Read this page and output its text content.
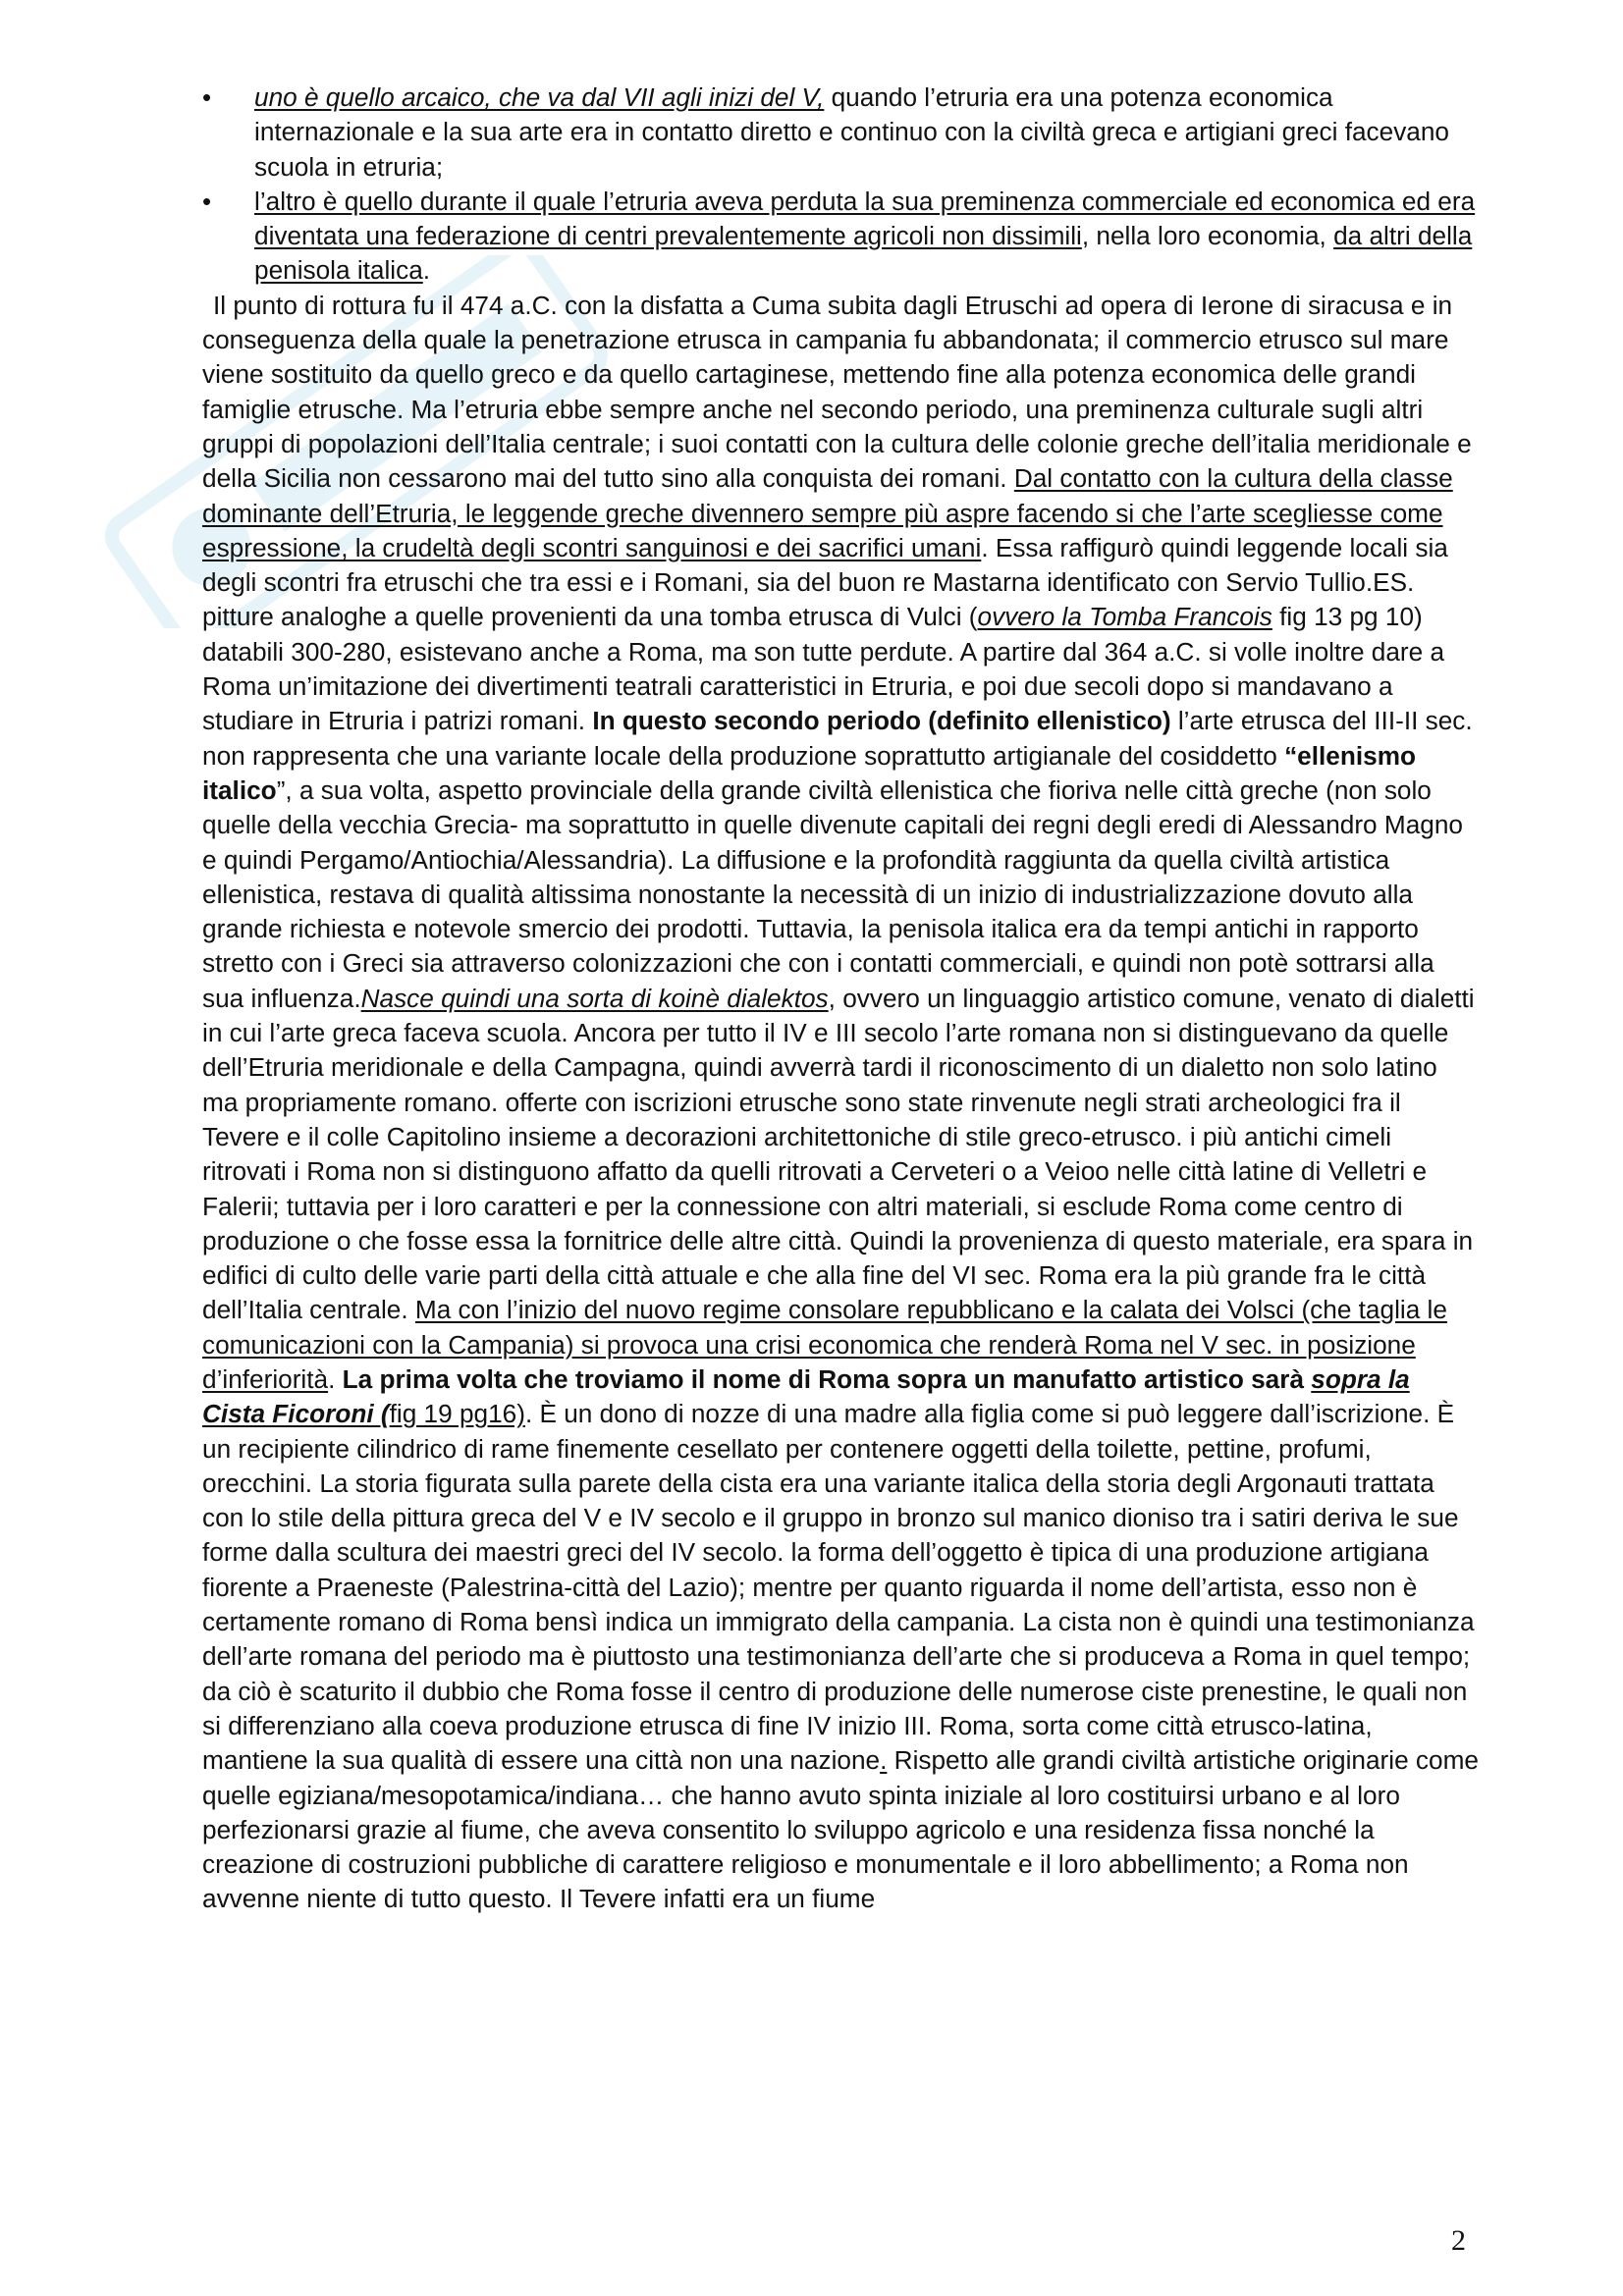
• uno è quello arcaico, che va dal VII agli inizi del V, quando l’etruria era una potenza economica internazionale e la sua arte era in contatto diretto e continuo con la civiltà greca e artigiani greci facevano scuola in etruria;
• l’altro è quello durante il quale l’etruria aveva perduta la sua preminenza commerciale ed economica ed era diventata una federazione di centri prevalentemente agricoli non dissimili, nella loro economia, da altri della penisola italica.

Il punto di rottura fu il 474 a.C. con la disfatta a Cuma subita dagli Etruschi ad opera di Ierone di siracusa e in conseguenza della quale la penetrazione etrusca in campania fu abbandonata; il commercio etrusco sul mare viene sostituito da quello greco e da quello cartaginese, mettendo fine alla potenza economica delle grandi famiglie etrusche. Ma l’etruria ebbe sempre anche nel secondo periodo, una preminenza culturale sugli altri gruppi di popolazioni dell’Italia centrale; i suoi contatti con la cultura delle colonie greche dell’italia meridionale e della Sicilia non cessarono mai del tutto sino alla conquista dei romani. Dal contatto con la cultura della classe dominante dell’Etruria, le leggende greche divennero sempre più aspre facendo si che l’arte scegliesse come espressione, la crudeltà degli scontri sanguinosi e dei sacrifici umani. Essa raffigurò quindi leggende locali sia degli scontri fra etruschi che tra essi e i Romani, sia del buon re Mastarna identificato con Servio Tullio.ES. pitture analoghe a quelle provenienti da una tomba etrusca di Vulci (ovvero la Tomba Francois fig 13 pg 10) databili 300-280, esistevano anche a Roma, ma son tutte perdute. A partire dal 364 a.C. si volle inoltre dare a Roma un’imitazione dei divertimenti teatrali caratteristici in Etruria, e poi due secoli dopo si mandavano a studiare in Etruria i patrizi romani. In questo secondo periodo (definito ellenistico) l’arte etrusca del III-II sec. non rappresenta che una variante locale della produzione soprattutto artigianale del cosiddetto “ellenismo italico”, a sua volta, aspetto provinciale della grande civiltà ellenistica che fioriva nelle città greche (non solo quelle della vecchia Grecia- ma soprattutto in quelle divenute capitali dei regni degli eredi di Alessandro Magno e quindi Pergamo/Antiochia/Alessandria). La diffusione e la profondità raggiunta da quella civiltà artistica ellenistica, restava di qualità altissima nonostante la necessità di un inizio di industrializzazione dovuto alla grande richiesta e notevole smercio dei prodotti. Tuttavia, la penisola italica era da tempi antichi in rapporto stretto con i Greci sia attraverso colonizzazioni che con i contatti commerciali, e quindi non potè sottrarsi alla sua influenza.Nasce quindi una sorta di koinè dialektos, ovvero un linguaggio artistico comune, venato di dialetti in cui l’arte greca faceva scuola. Ancora per tutto il IV e III secolo l’arte romana non si distinguevano da quelle dell’Etruria meridionale e della Campagna, quindi avverrà tardi il riconoscimento di un dialetto non solo latino ma propriamente romano. offerte con iscrizioni etrusche sono state rinvenute negli strati archeologici fra il Tevere e il colle Capitolino insieme a decorazioni architettoniche di stile greco-etrusco. i più antichi cimeli ritrovati i Roma non si distinguono affatto da quelli ritrovati a Cerveteri o a Veioo nelle città latine di Velletri e Falerii; tuttavia per i loro caratteri e per la connessione con altri materiali, si esclude Roma come centro di produzione o che fosse essa la fornitrice delle altre città. Quindi la provenienza di questo materiale, era spara in edifici di culto delle varie parti della città attuale e che alla fine del VI sec. Roma era la più grande fra le città dell’Italia centrale. Ma con l’inizio del nuovo regime consolare repubblicano e la calata dei Volsci (che taglia le comunicazioni con la Campania) si provoca una crisi economica che renderà Roma nel V sec. in posizione d’inferiorità. La prima volta che troviamo il nome di Roma sopra un manufatto artistico sarà sopra la Cista Ficoroni (fig 19 pg16). È un dono di nozze di una madre alla figlia come si può leggere dall’iscrizione. È un recipiente cilindrico di rame finemente cesellato per contenere oggetti della toilette, pettine, profumi, orecchini. La storia figurata sulla parete della cista era una variante italica della storia degli Argonauti trattata con lo stile della pittura greca del V e IV secolo e il gruppo in bronzo sul manico dioniso tra i satiri deriva le sue forme dalla scultura dei maestri greci del IV secolo. la forma dell’oggetto è tipica di una produzione artigiana fiorente a Praeneste (Palestrina-città del Lazio); mentre per quanto riguarda il nome dell’artista, esso non è certamente romano di Roma bensì indica un immigrato della campania. La cista non è quindi una testimonianza dell’arte romana del periodo ma è piuttosto una testimonianza dell’arte che si produceva a Roma in quel tempo; da ciò è scaturito il dubbio che Roma fosse il centro di produzione delle numerose ciste prenestine, le quali non si differenziano alla coeva produzione etrusca di fine IV inizio III. Roma, sorta come città etrusco-latina, mantiene la sua qualità di essere una città non una nazione. Rispetto alle grandi civiltà artistiche originarie come quelle egiziana/mesopotamica/indiana… che hanno avuto spinta iniziale al loro costituirsi urbano e al loro perfezionarsi grazie al fiume, che aveva consentito lo sviluppo agricolo e una residenza fissa nonché la creazione di costruzioni pubbliche di carattere religioso e monumentale e il loro abbellimento; a Roma non avvenne niente di tutto questo. Il Tevere infatti era un fiume

2
